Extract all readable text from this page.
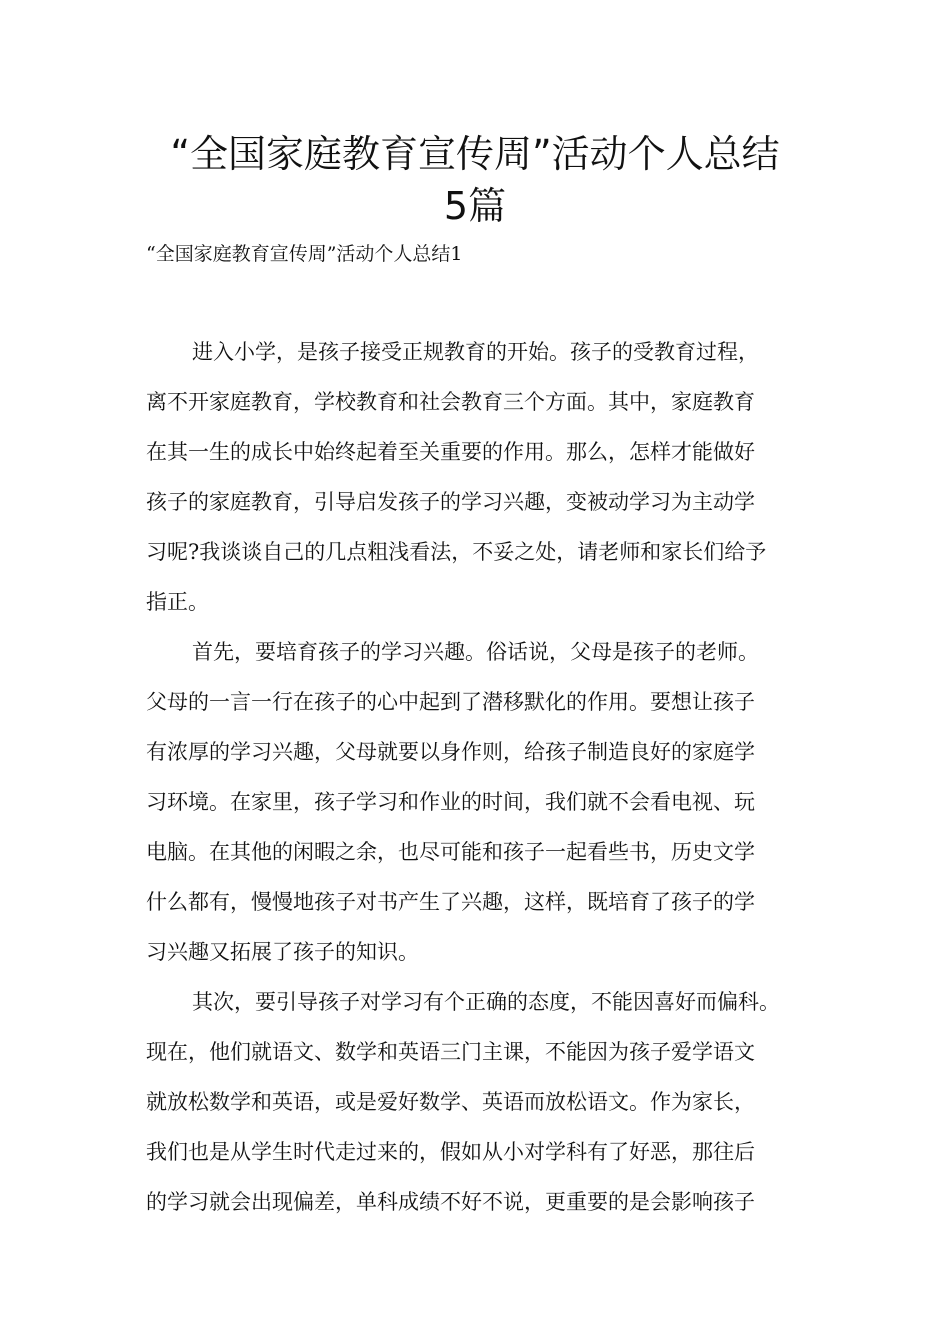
“全国家庭教育宣传周”活动个人总结
5篇

“全国家庭教育宣传周”活动个人总结1

进入小学，是孩子接受正规教育的开始。孩子的受教育过程，

离不开家庭教育，学校教育和社会教育三个方面。其中，家庭教育

在其一生的成长中始终起着至关重要的作用。那么，怎样才能做好

孩子的家庭教育，引导启发孩子的学习兴趣，变被动学习为主动学

习呢?我谈谈自己的几点粗浅看法，不妥之处，请老师和家长们给予

指正。

首先，要培育孩子的学习兴趣。俗话说，父母是孩子的老师。

父母的一言一行在孩子的心中起到了潜移默化的作用。要想让孩子

有浓厚的学习兴趣，父母就要以身作则，给孩子制造良好的家庭学

习环境。在家里，孩子学习和作业的时间，我们就不会看电视、玩

电脑。在其他的闲暇之余，也尽可能和孩子一起看些书，历史文学

什么都有，慢慢地孩子对书产生了兴趣，这样，既培育了孩子的学

习兴趣又拓展了孩子的知识。

其次，要引导孩子对学习有个正确的态度，不能因喜好而偏科。

现在，他们就语文、数学和英语三门主课，不能因为孩子爱学语文

就放松数学和英语，或是爱好数学、英语而放松语文。作为家长，

我们也是从学生时代走过来的，假如从小对学科有了好恶，那往后

的学习就会出现偏差，单科成绩不好不说，更重要的是会影响孩子
